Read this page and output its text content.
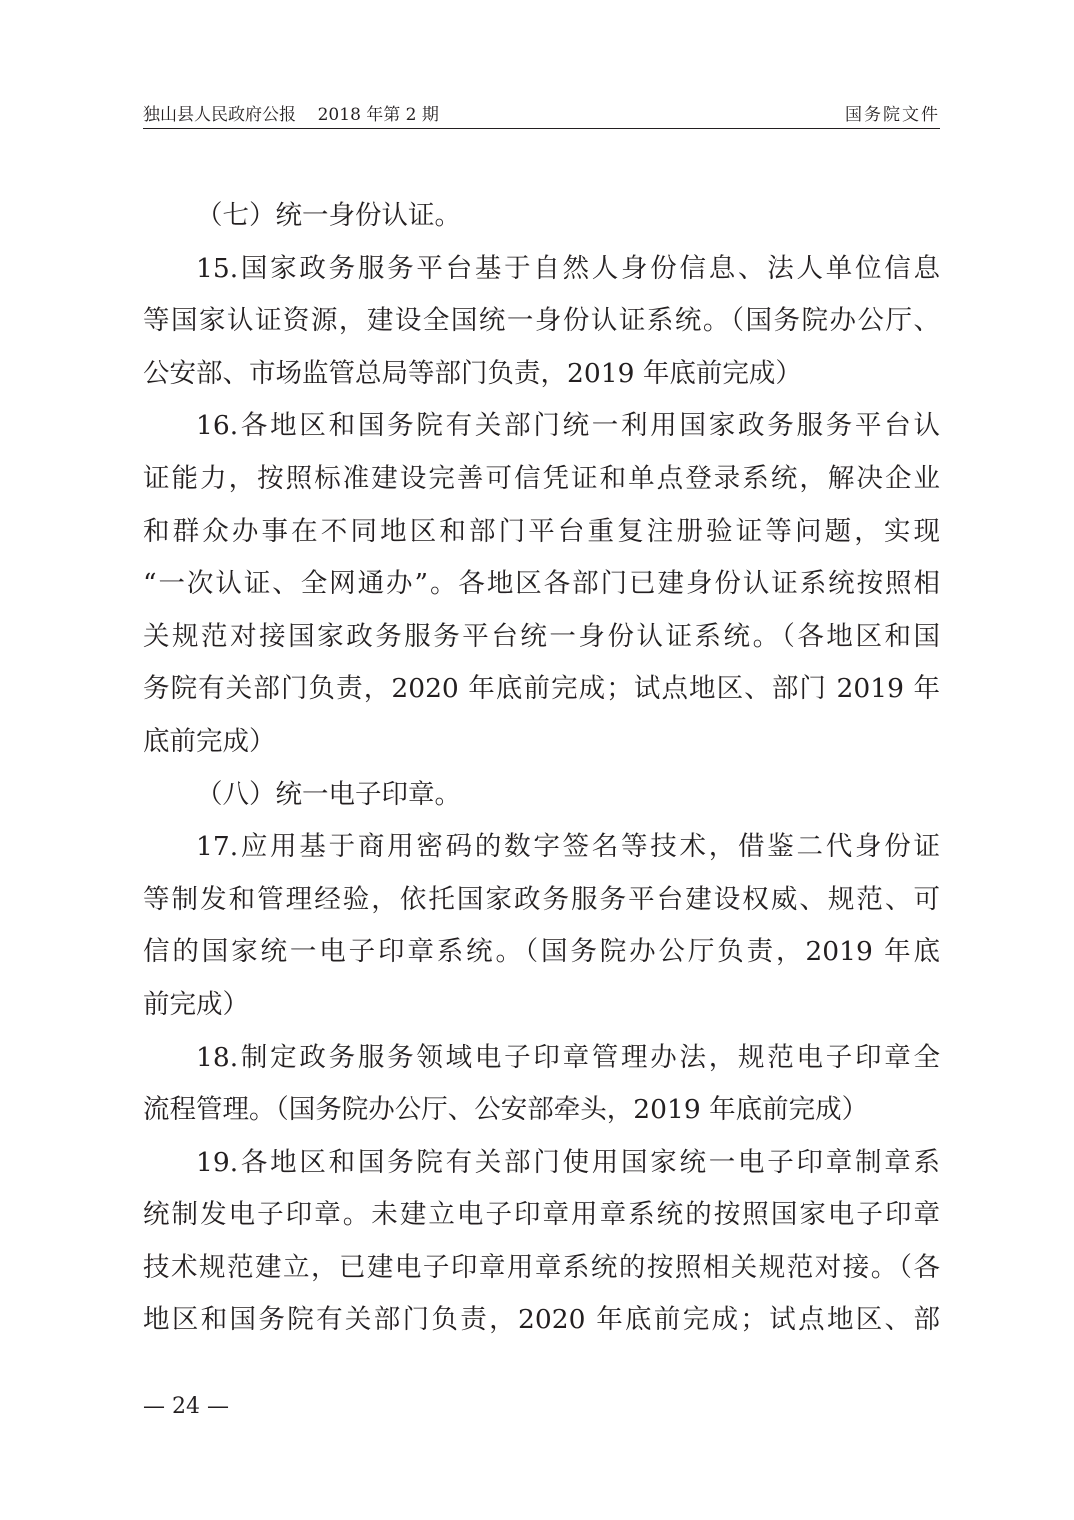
独山县人民政府公报    2018 年第 2 期	国务院文件
（七）统一身份认证。
15.国家政务服务平台基于自然人身份信息、法人单位信息
等国家认证资源，建设全国统一身份认证系统。（国务院办公厅、
公安部、市场监管总局等部门负责，2019 年底前完成）
16.各地区和国务院有关部门统一利用国家政务服务平台认
证能力，按照标准建设完善可信凭证和单点登录系统，解决企业
和群众办事在不同地区和部门平台重复注册验证等问题，实现
“一次认证、全网通办”。各地区各部门已建身份认证系统按照相
关规范对接国家政务服务平台统一身份认证系统。（各地区和国
务院有关部门负责，2020 年底前完成；试点地区、部门 2019 年
底前完成）
（八）统一电子印章。
17.应用基于商用密码的数字签名等技术，借鉴二代身份证
等制发和管理经验，依托国家政务服务平台建设权威、规范、可
信的国家统一电子印章系统。（国务院办公厅负责，2019 年底
前完成）
18.制定政务服务领域电子印章管理办法，规范电子印章全
流程管理。（国务院办公厅、公安部牵头，2019 年底前完成）
19.各地区和国务院有关部门使用国家统一电子印章制章系
统制发电子印章。未建立电子印章用章系统的按照国家电子印章
技术规范建立，已建电子印章用章系统的按照相关规范对接。（各
地区和国务院有关部门负责，2020 年底前完成；试点地区、部
— 24 —
